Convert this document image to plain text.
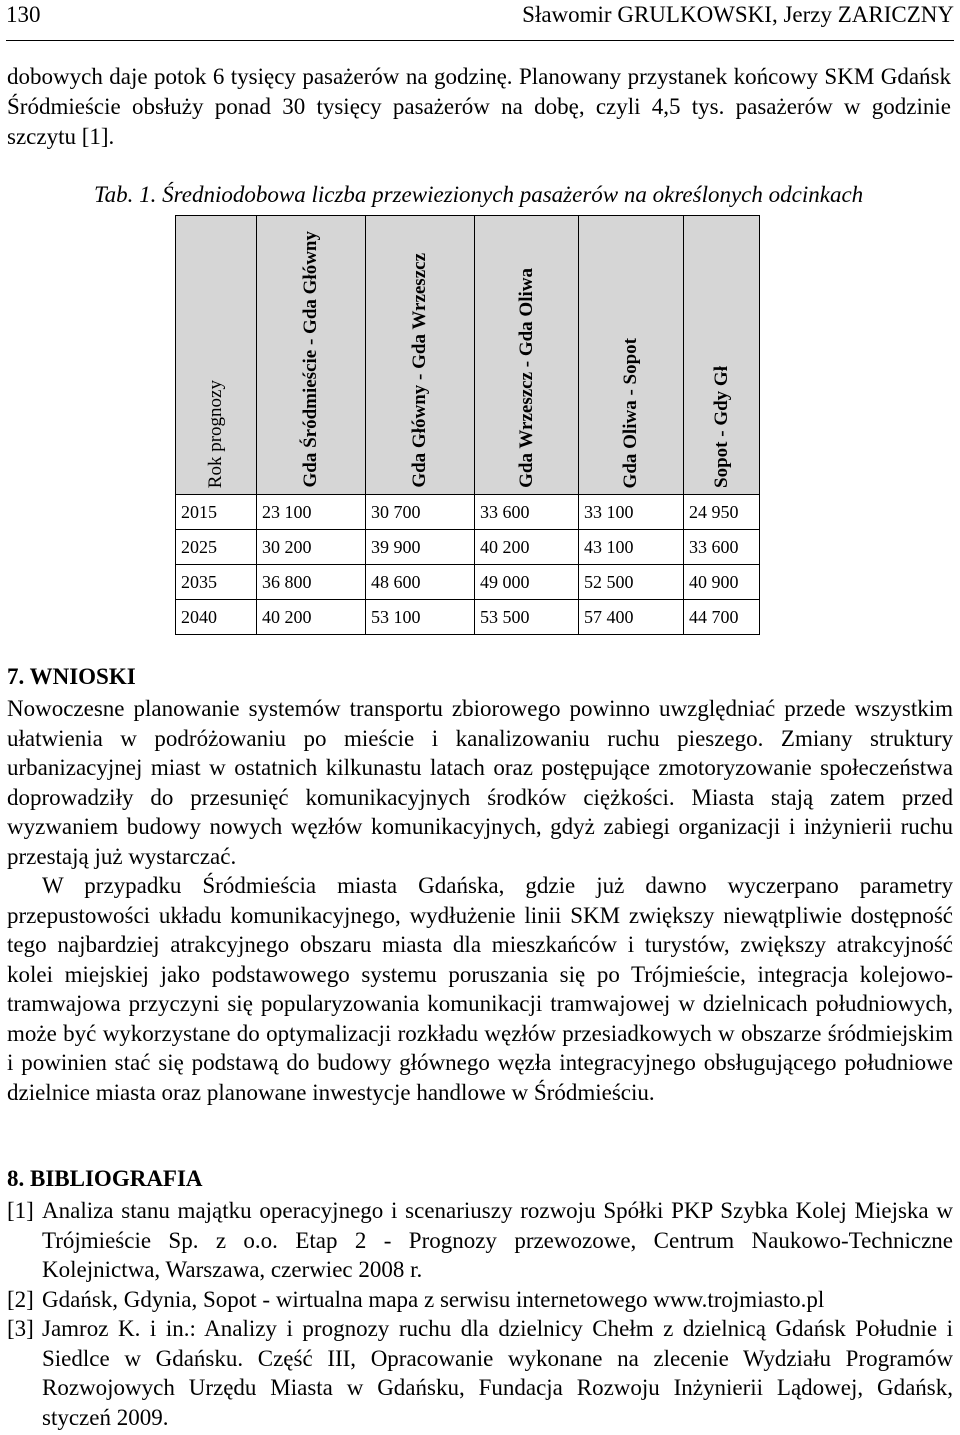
130	Sławomir GRULKOWSKI, Jerzy ZARICZNY
dobowych daje potok 6 tysięcy pasażerów na godzinę. Planowany przystanek końcowy SKM Gdańsk Śródmieście obsłuży ponad 30 tysięcy pasażerów na dobę, czyli 4,5 tys. pasażerów w godzinie szczytu [1].
Tab. 1. Średniodobowa liczba przewiezionych pasażerów na określonych odcinkach
Rok prognozy	Gda Śródmieście - Gda Główny	Gda Główny - Gda Wrzeszcz	Gda Wrzeszcz - Gda Oliwa	Gda Oliwa - Sopot	Sopot - Gdy Gł

2015	23 100	30 700	33 600	33 100	24 950
2025	30 200	39 900	40 200	43 100	33 600
2035	36 800	48 600	49 000	52 500	40 900
2040	40 200	53 100	53 500	57 400	44 700
7. WNIOSKI

Nowoczesne planowanie systemów transportu zbiorowego powinno uwzględniać przede wszystkim ułatwienia w podróżowaniu po mieście i kanalizowaniu ruchu pieszego. Zmiany struktury urbanizacyjnej miast w ostatnich kilkunastu latach oraz postępujące zmotoryzowanie społeczeństwa doprowadziły do przesunięć komunikacyjnych środków ciężkości. Miasta stają zatem przed wyzwaniem budowy nowych węzłów komunikacyjnych, gdyż zabiegi organizacji i inżynierii ruchu przestają już wystarczać.

W przypadku Śródmieścia miasta Gdańska, gdzie już dawno wyczerpano parametry przepustowości układu komunikacyjnego, wydłużenie linii SKM zwiększy niewątpliwie dostępność tego najbardziej atrakcyjnego obszaru miasta dla mieszkańców i turystów, zwiększy atrakcyjność kolei miejskiej jako podstawowego systemu poruszania się po Trójmieście, integracja kolejowo-tramwajowa przyczyni się popularyzowania komunikacji tramwajowej w dzielnicach południowych, może być wykorzystane do optymalizacji rozkładu węzłów przesiadkowych w obszarze śródmiejskim i powinien stać się podstawą do budowy głównego węzła integracyjnego obsługującego południowe dzielnice miasta oraz planowane inwestycje handlowe w Śródmieściu.

8. BIBLIOGRAFIA
[1] Analiza stanu majątku operacyjnego i scenariuszy rozwoju Spółki PKP Szybka Kolej Miejska w Trójmieście Sp. z o.o. Etap 2 - Prognozy przewozowe, Centrum Naukowo-Techniczne Kolejnictwa, Warszawa, czerwiec 2008 r.
[2] Gdańsk, Gdynia, Sopot - wirtualna mapa z serwisu internetowego www.trojmiasto.pl
[3] Jamroz K. i in.: Analizy i prognozy ruchu dla dzielnicy Chełm z dzielnicą Gdańsk Południe i Siedlce w Gdańsku. Część III, Opracowanie wykonane na zlecenie Wydziału Programów Rozwojowych Urzędu Miasta w Gdańsku, Fundacja Rozwoju Inżynierii Lądowej, Gdańsk, styczeń 2009.
